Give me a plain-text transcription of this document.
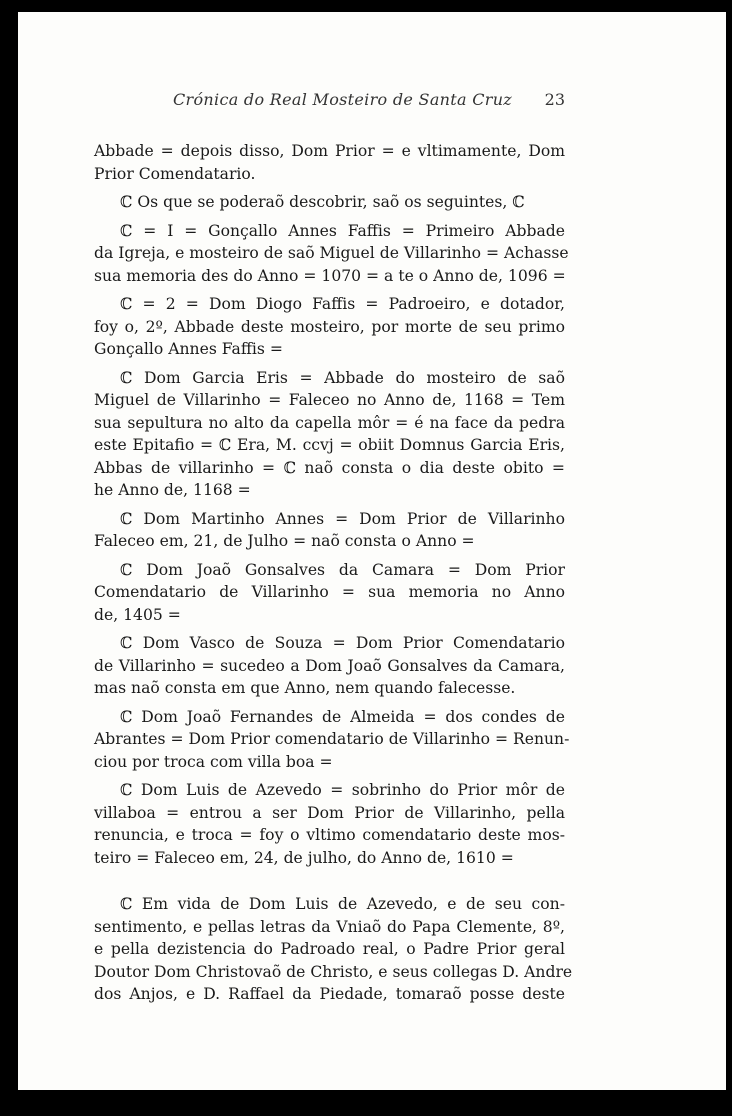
Crónica do Real Mosteiro de Santa Cruz 23
Abbade = depois disso, Dom Prior = e vltimamente, Dom
Prior Comendatario.
ℂ Os que se poderaõ descobrir, saõ os seguintes, ℂ
ℂ = I = Gonçallo Annes Faffis = Primeiro Abbade
da Igreja, e mosteiro de saõ Miguel de Villarinho = Achasse
sua memoria des do Anno = 1070 = a te o Anno de, 1096 =
ℂ = 2 = Dom Diogo Faffis = Padroeiro, e dotador,
foy o, 2º, Abbade deste mosteiro, por morte de seu primo
Gonçallo Annes Faffis =
ℂ Dom Garcia Eris = Abbade do mosteiro de saõ
Miguel de Villarinho = Faleceo no Anno de, 1168 = Tem
sua sepultura no alto da capella môr = é na face da pedra
este Epitafio = ℂ Era, M. ccvj = obiit Domnus Garcia Eris,
Abbas de villarinho = ℂ naõ consta o dia deste obito =
he Anno de, 1168 =
ℂ Dom Martinho Annes = Dom Prior de Villarinho
Faleceo em, 21, de Julho = naõ consta o Anno =
ℂ Dom Joaõ Gonsalves da Camara = Dom Prior
Comendatario de Villarinho = sua memoria no Anno
de, 1405 =
ℂ Dom Vasco de Souza = Dom Prior Comendatario
de Villarinho = sucedeo a Dom Joaõ Gonsalves da Camara,
mas naõ consta em que Anno, nem quando falecesse.
ℂ Dom Joaõ Fernandes de Almeida = dos condes de
Abrantes = Dom Prior comendatario de Villarinho = Renun-
ciou por troca com villa boa =
ℂ Dom Luis de Azevedo = sobrinho do Prior môr de
villaboa = entrou a ser Dom Prior de Villarinho, pella
renuncia, e troca = foy o vltimo comendatario deste mos-
teiro = Faleceo em, 24, de julho, do Anno de, 1610 =
ℂ Em vida de Dom Luis de Azevedo, e de seu con-
sentimento, e pellas letras da Vniaõ do Papa Clemente, 8º,
e pella dezistencia do Padroado real, o Padre Prior geral
Doutor Dom Christovaõ de Christo, e seus collegas D. Andre
dos Anjos, e D. Raffael da Piedade, tomaraõ posse deste
